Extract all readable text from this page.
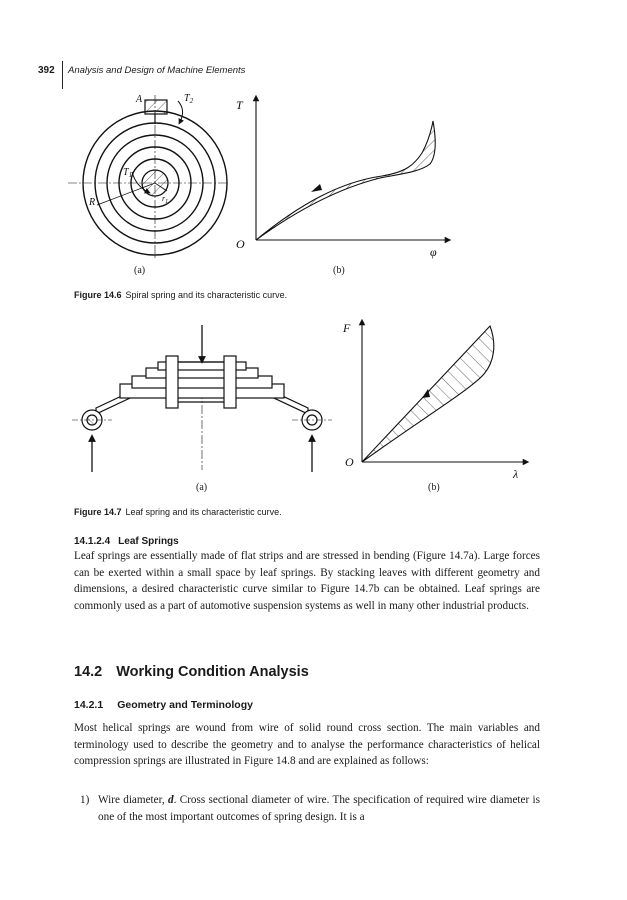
392 Analysis and Design of Machine Elements
A	$T_2$
$T_1$
R	$r_1$
T
O
φ
(a)	(b)
Figure 14.6 Spiral spring and its characteristic curve.
F
O
λ
(a)	(b)
Figure 14.7 Leaf spring and its characteristic curve.
14.1.2.4 Leaf Springs

Leaf springs are essentially made of flat strips and are stressed in bending (Figure 14.7a). Large forces can be exerted within a small space by leaf springs. By stacking leaves with different geometry and dimensions, a desired characteristic curve similar to Figure 14.7b can be obtained. Leaf springs are commonly used as a part of automotive suspension systems as well in many other industrial products.

14.2 Working Condition Analysis
14.2.1 Geometry and Terminology

Most helical springs are wound from wire of solid round cross section. The main variables and terminology used to describe the geometry and to analyse the performance characteristics of helical compression springs are illustrated in Figure 14.8 and are explained as follows:

1) Wire diameter, d. Cross sectional diameter of wire. The specification of required wire diameter is one of the most important outcomes of spring design. It is a
